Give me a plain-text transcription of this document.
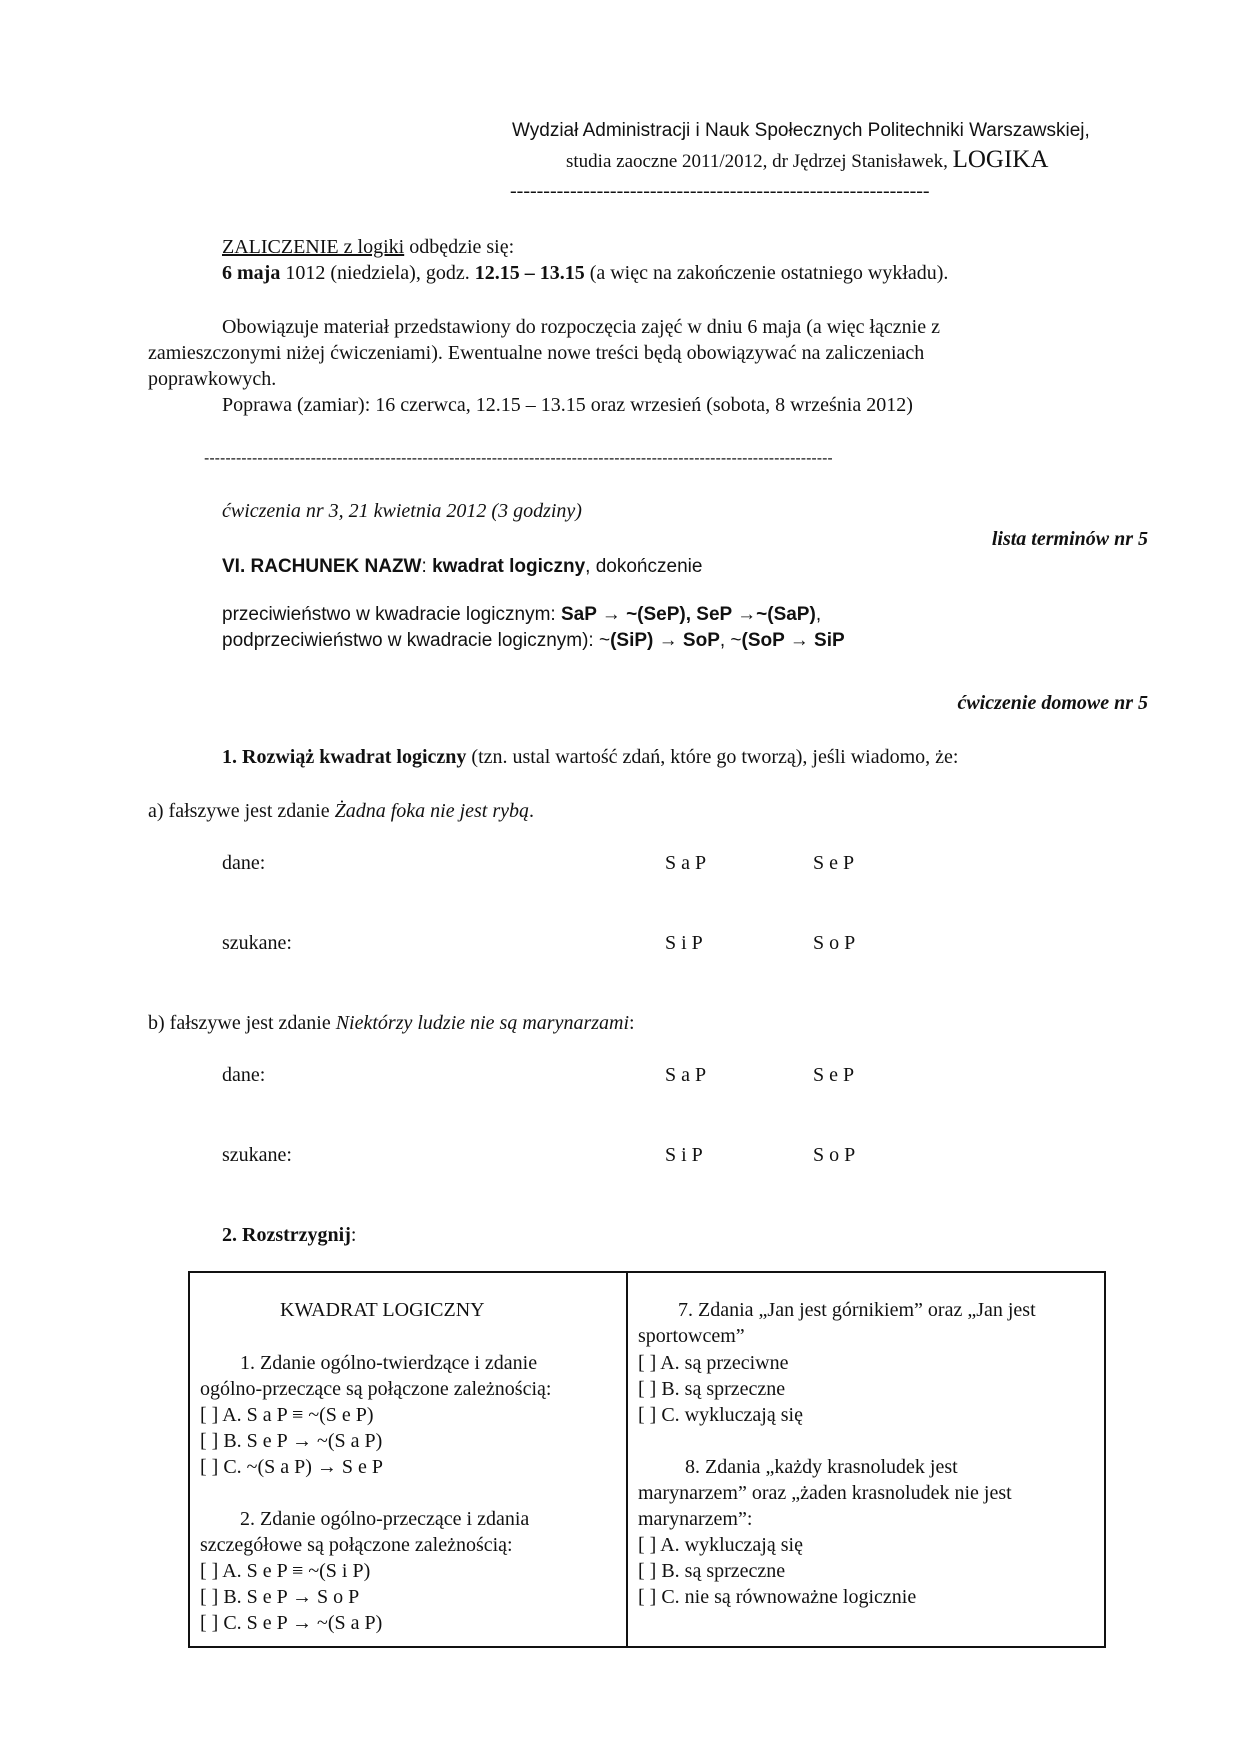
Wydział Administracji i Nauk Społecznych Politechniki Warszawskiej,
studia zaoczne 2011/2012, dr Jędrzej Stanisławek, LOGIKA
---------------------------------------------------------------
ZALICZENIE z logiki odbędzie się:
6 maja 1012 (niedziela), godz. 12.15 – 13.15 (a więc na zakończenie ostatniego wykładu).
Obowiązuje materiał przedstawiony do rozpoczęcia zajęć w dniu 6 maja (a więc łącznie z
zamieszczonymi niżej ćwiczeniami). Ewentualne nowe treści będą obowiązywać na zaliczeniach
poprawkowych.
Poprawa (zamiar): 16 czerwca, 12.15 – 13.15 oraz wrzesień (sobota, 8 września 2012)
----------------------------------------------------------------------------------------------------------------------
ćwiczenia nr 3, 21 kwietnia 2012 (3 godziny)
lista terminów nr 5
VI. RACHUNEK NAZW: kwadrat logiczny, dokończenie
przeciwieństwo w kwadracie logicznym: SaP → ~(SeP), SeP →~(SaP),
podprzeciwieństwo w kwadracie logicznym): ~(SiP) → SoP, ~(SoP → SiP
ćwiczenie domowe nr 5
1. Rozwiąż kwadrat logiczny (tzn. ustal wartość zdań, które go tworzą), jeśli wiadomo, że:
a) fałszywe jest zdanie Żadna foka nie jest rybą.
dane:	S a P	S e P
szukane:	S i P	S o P
b) fałszywe jest zdanie Niektórzy ludzie nie są marynarzami:
dane:	S a P	S e P
szukane:	S i P	S o P
2. Rozstrzygnij:
KWADRAT LOGICZNY
1. Zdanie ogólno-twierdzące i zdanie
ogólno-przeczące są połączone zależnością:
[ ] A. S a P ≡ ~(S e P)
[ ] B. S e P → ~(S a P)
[ ] C. ~(S a P) → S e P
2. Zdanie ogólno-przeczące i zdania
szczegółowe są połączone zależnością:
[ ] A. S e P ≡ ~(S i P)
[ ] B. S e P → S o P
[ ] C. S e P → ~(S a P)
7. Zdania „Jan jest górnikiem” oraz „Jan jest
sportowcem”
[ ] A. są przeciwne
[ ] B. są sprzeczne
[ ] C. wykluczają się
8. Zdania „każdy krasnoludek jest
marynarzem” oraz „żaden krasnoludek nie jest
marynarzem”:
[ ] A. wykluczają się
[ ] B. są sprzeczne
[ ] C. nie są równoważne logicznie
